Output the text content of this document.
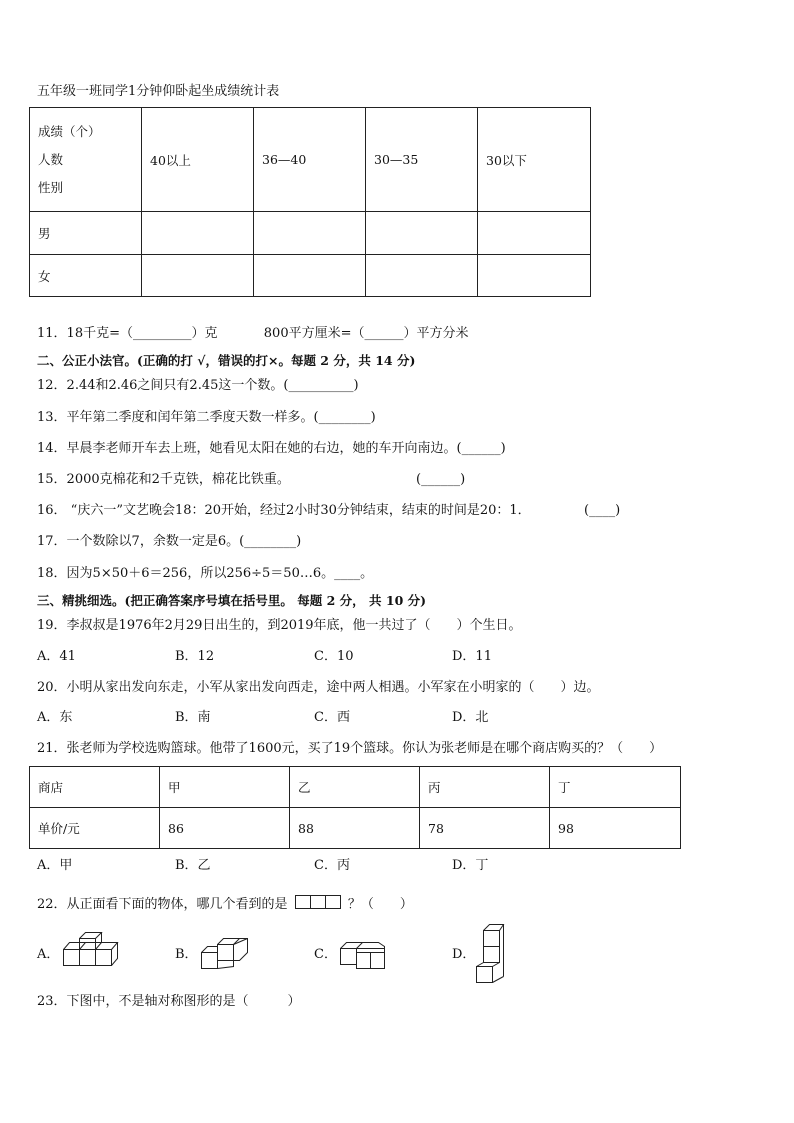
五年级一班同学1分钟仰卧起坐成绩统计表
成绩（个）
人数
性别	40以上	36—40	30—35	30以下
男				
女				
11．18千克=（_________）克	800平方厘米=（______）平方分米
二、公正小法官。(正确的打 √，错误的打×。每题 2 分，共 14 分)
12．2.44和2.46之间只有2.45这一个数。(__________)
13．平年第二季度和闰年第二季度天数一样多。(________)
14．早晨李老师开车去上班，她看见太阳在她的右边，她的车开向南边。(______)
15．2000克棉花和2千克铁，棉花比铁重。	(______)
16． “庆六一”文艺晚会18：20开始，经过2小时30分钟结束，结束的时间是20：1．	(____)
17．一个数除以7，余数一定是6。(________)
18．因为5×50＋6＝256，所以256÷5＝50…6。____。
三、精挑细选。(把正确答案序号填在括号里。 每题 2 分， 共 10 分)
19．李叔叔是1976年2月29日出生的，到2019年底，他一共过了（　　）个生日。
A．41	B．12	C．10	D．11
20．小明从家出发向东走，小军从家出发向西走，途中两人相遇。小军家在小明家的（　　）边。
A．东	B．南	C．西	D．北
21．张老师为学校选购篮球。他带了1600元，买了19个篮球。你认为张老师是在哪个商店购买的？（　　）
商店	甲	乙	丙	丁
单价/元	86	88	78	98
A．甲	B．乙	C．丙	D．丁
22．从正面看下面的物体，哪几个看到的是	？（　　）
A．	B．	C．	D．
23．下图中，不是轴对称图形的是（　　　）
